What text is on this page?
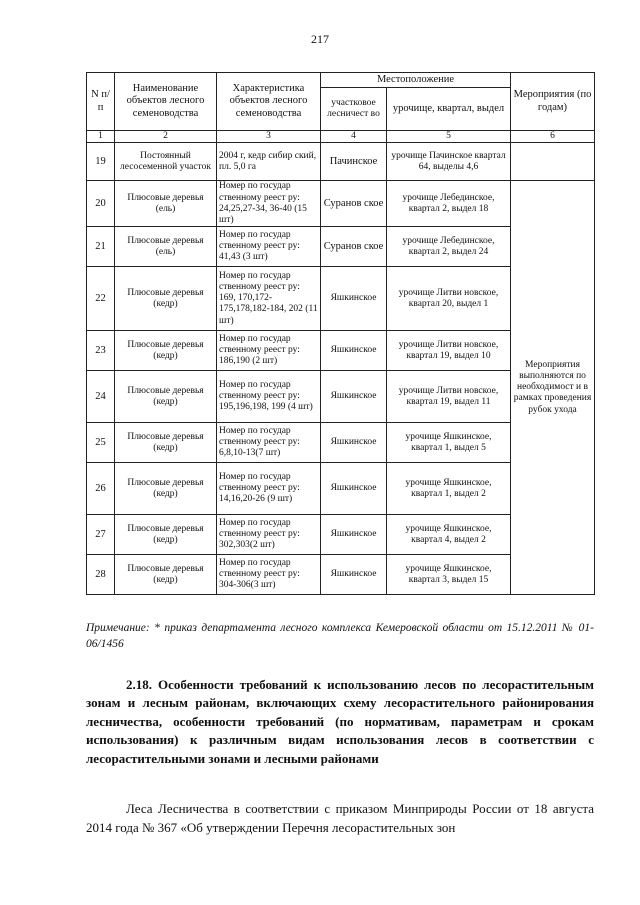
217
N п/п	Наименование объектов лесного семеноводства	Характеристика объектов лесного семеноводства	Местоположение		Мероприятия (по годам)
			участковое лесничест во	урочище, квартал, выдел	
1	2	3	4	5	6
19	Постоянный лесосеменной участок	2004 г, кедр сибир ский, пл. 5,0 га	Пачинское	урочище Пачинское квартал 64, выделы 4,6	
20	Плюсовые деревья (ель)	Номер по государ ственному реест ру: 24,25,27-34, 36-40 (15 шт)	Суранов ское	урочище Лебединское, квартал 2, выдел 18	Мероприятия выполняются по необходимост и в рамках проведения рубок ухода
21	Плюсовые деревья (ель)	Номер по государ ственному реест ру: 41,43 (3 шт)	Суранов ское	урочище Лебединское, квартал 2, выдел 24	
22	Плюсовые деревья (кедр)	Номер по государ ственному реест ру: 169, 170,172-175,178,182-184, 202 (11 шт)	Яшкинское	урочище Литви новское, квартал 20, выдел 1	
23	Плюсовые деревья (кедр)	Номер по государ ственному реест ру: 186,190 (2 шт)	Яшкинское	урочище Литви новское, квартал 19, выдел 10	
24	Плюсовые деревья (кедр)	Номер по государ ственному реест ру: 195,196,198, 199 (4 шт)	Яшкинское	урочище Литви новское, квартал 19, выдел 11	
25	Плюсовые деревья (кедр)	Номер по государ ственному реест ру: 6,8,10-13(7 шт)	Яшкинское	урочище Яшкинское, квартал 1, выдел 5	
26	Плюсовые деревья (кедр)	Номер по государ ственному реест ру: 14,16,20-26 (9 шт)	Яшкинское	урочище Яшкинское, квартал 1, выдел 2	
27	Плюсовые деревья (кедр)	Номер по государ ственному реест ру: 302,303(2 шт)	Яшкинское	урочище Яшкинское, квартал 4, выдел 2	
28	Плюсовые деревья (кедр)	Номер по государ ственному реест ру: 304-306(3 шт)	Яшкинское	урочище Яшкинское, квартал 3, выдел 15	
Примечание: * приказ департамента лесного комплекса Кемеровской области от 15.12.2011 № 01-06/1456
2.18. Особенности требований к использованию лесов по лесорастительным зонам и лесным районам, включающих схему лесорастительного районирования лесничества, особенности требований (по нормативам, параметрам и срокам использования) к различным видам использования лесов в соответствии с лесорастительными зонами и лесными районами
Леса Лесничества в соответствии с приказом Минприроды России от 18 августа 2014 года № 367 «Об утверждении Перечня лесорастительных зон
